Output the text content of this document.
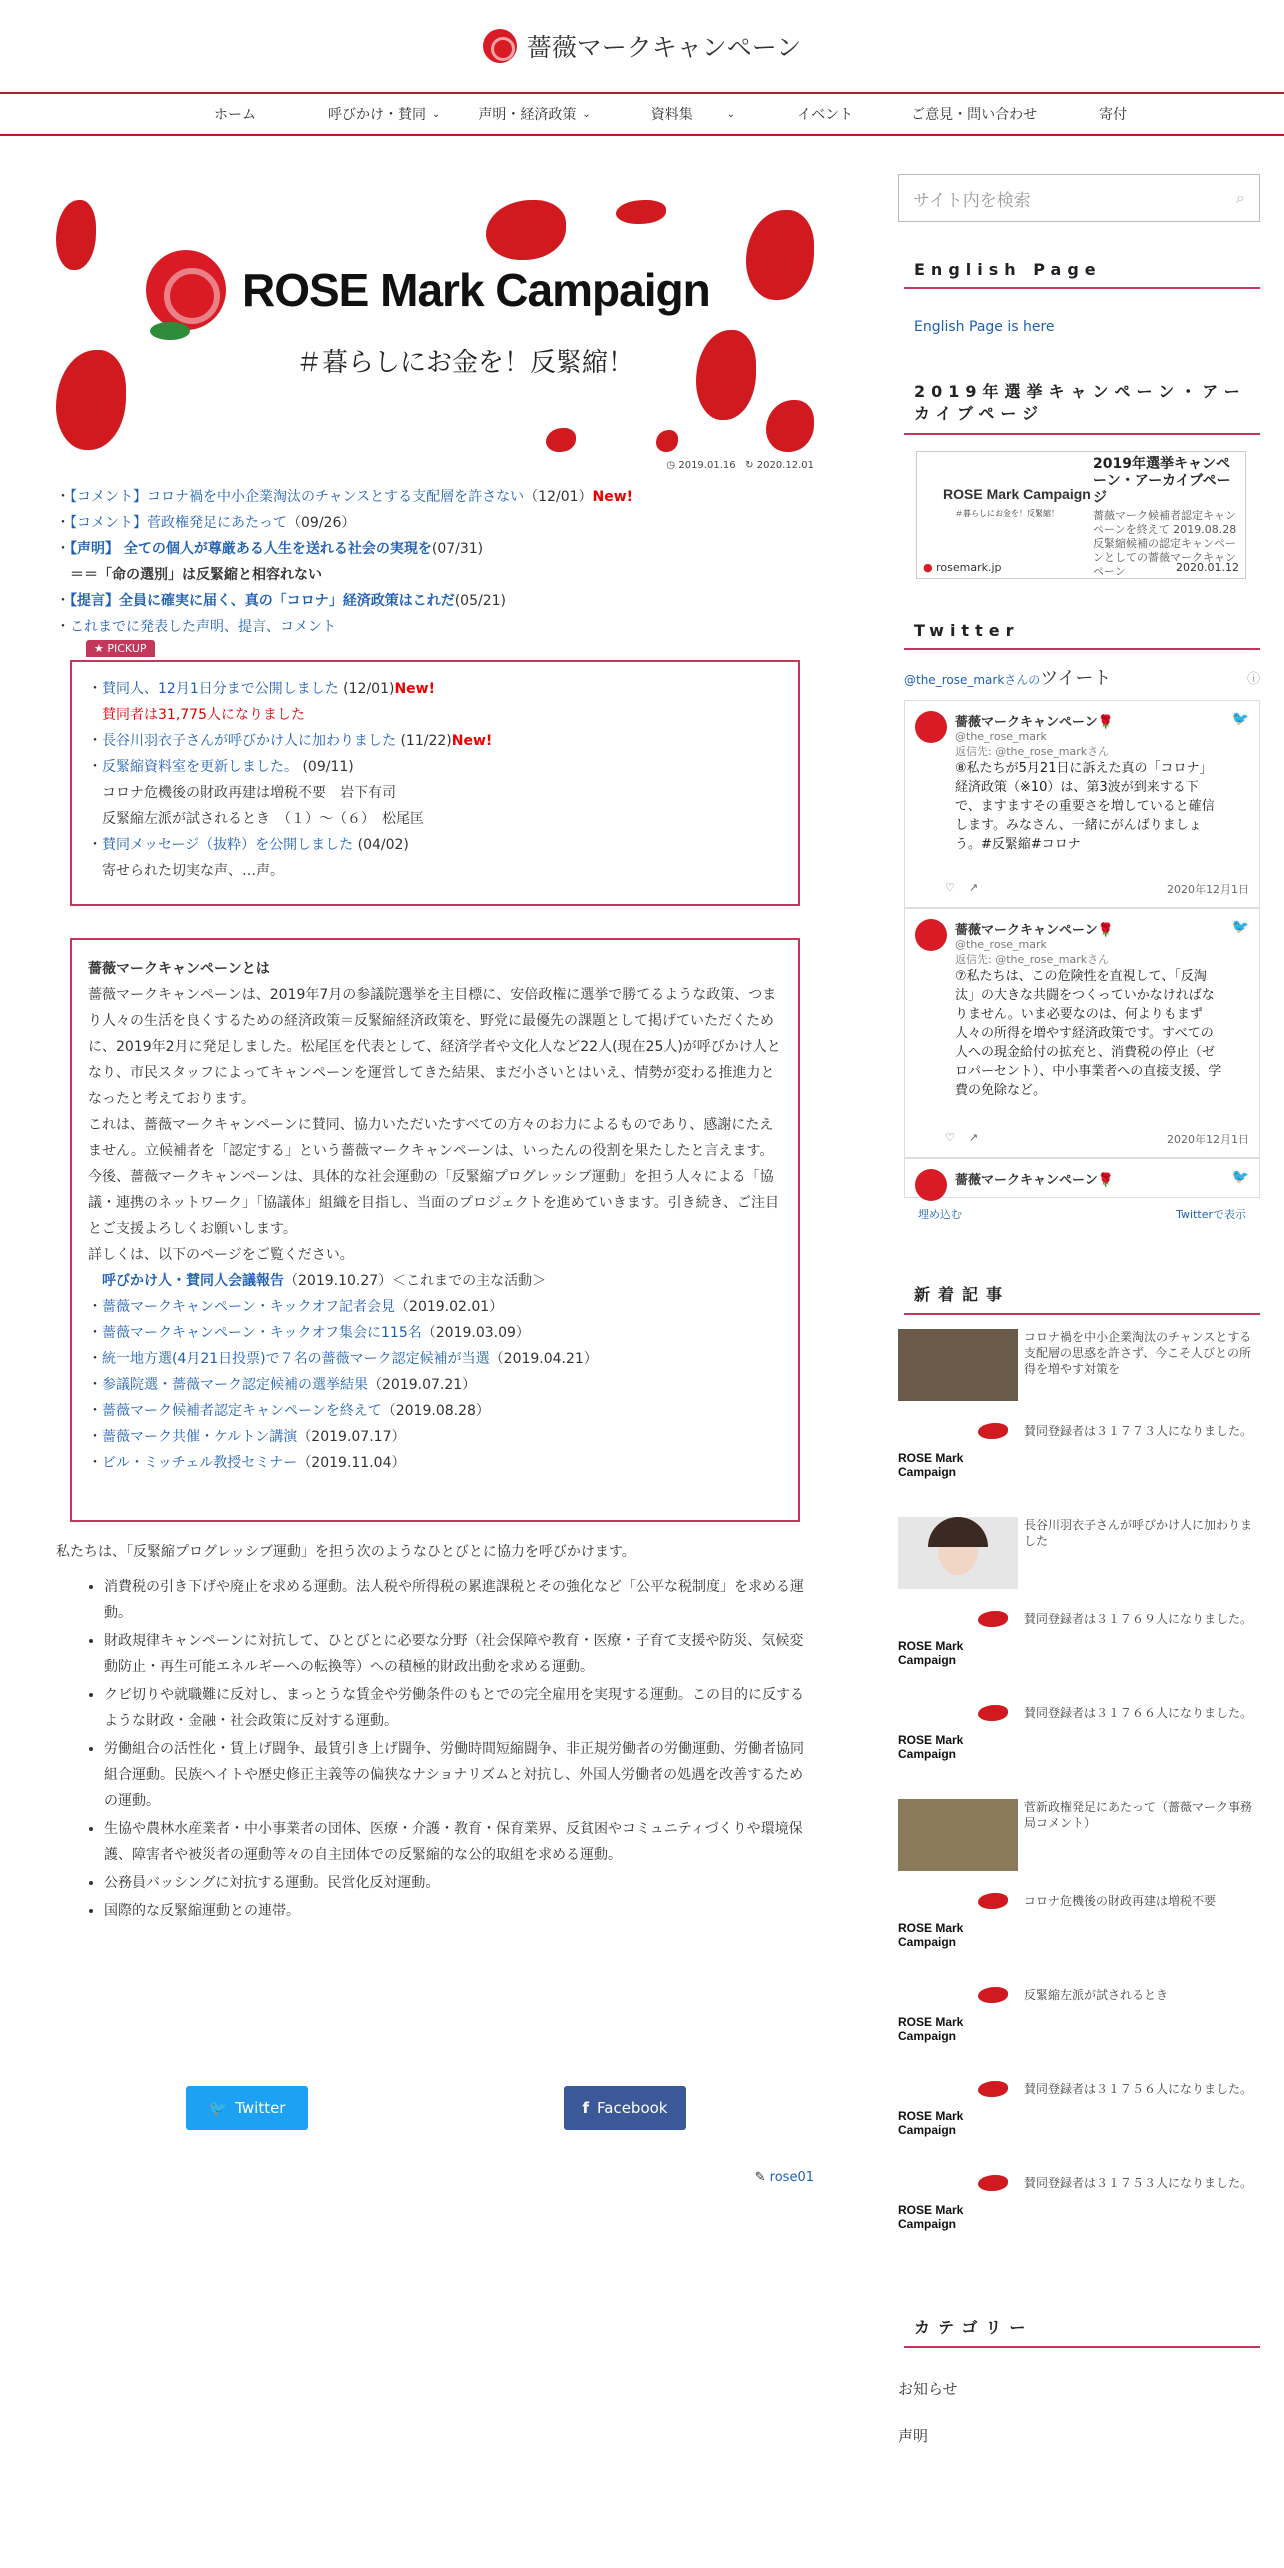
薔薇マークキャンペーン
ホーム	呼びかけ・賛同 ⌄	声明・経済政策 ⌄	資料集	⌄	イベント	ご意見・問い合わせ	寄付
ROSE Mark Campaign
＃暮らしにお金を！反緊縮！
◷ 2019.01.16 ↻ 2020.12.01
・【コメント】コロナ禍を中小企業淘汰のチャンスとする支配層を許さない（12/01）New!
・【コメント】菅政権発足にあたって（09/26）
・【声明】 全ての個人が尊厳ある人生を送れる社会の実現を(07/31)
＝＝「命の選別」は反緊縮と相容れない
・【提言】全員に確実に届く、真の「コロナ」経済政策はこれだ(05/21)
・これまでに発表した声明、提言、コメント
★ PICKUP

・賛同人、12月1日分まで公開しました (12/01)New!

賛同者は31,775人になりました

・長谷川羽衣子さんが呼びかけ人に加わりました (11/22)New!

・反緊縮資料室を更新しました。 (09/11)

コロナ危機後の財政再建は増税不要　岩下有司

反緊縮左派が試されるとき　（１）～（６）　松尾匡

・賛同メッセージ（抜粋）を公開しました (04/02)

寄せられた切実な声、…声。

薔薇マークキャンペーンとは

薔薇マークキャンペーンは、2019年7月の参議院選挙を主目標に、安倍政権に選挙で勝てるような政策、つまり人々の生活を良くするための経済政策＝反緊縮経済政策を、野党に最優先の課題として掲げていただくために、2019年2月に発足しました。松尾匡を代表として、経済学者や文化人など22人(現在25人)が呼びかけ人となり、市民スタッフによってキャンペーンを運営してきた結果、まだ小さいとはいえ、情勢が変わる推進力となったと考えております。

これは、薔薇マークキャンペーンに賛同、協力いただいたすべての方々のお力によるものであり、感謝にたえません。立候補者を「認定する」という薔薇マークキャンペーンは、いったんの役割を果たしたと言えます。

今後、薔薇マークキャンペーンは、具体的な社会運動の「反緊縮プログレッシブ運動」を担う人々による「協議・連携のネットワーク」「協議体」組織を目指し、当面のプロジェクトを進めていきます。引き続き、ご注目とご支援よろしくお願いします。

詳しくは、以下のページをご覧ください。

呼びかけ人・賛同人会議報告（2019.10.27）＜これまでの主な活動＞

・薔薇マークキャンペーン・キックオフ記者会見（2019.02.01）

・薔薇マークキャンペーン・キックオフ集会に115名（2019.03.09）

・統一地方選(4月21日投票)で７名の薔薇マーク認定候補が当選（2019.04.21）

・参議院選・薔薇マーク認定候補の選挙結果（2019.07.21）

・薔薇マーク候補者認定キャンペーンを終えて（2019.08.28）

・薔薇マーク共催・ケルトン講演（2019.07.17）

・ビル・ミッチェル教授セミナー（2019.11.04）

私たちは、「反緊縮プログレッシブ運動」を担う次のようなひとびとに協力を呼びかけます。

• 消費税の引き下げや廃止を求める運動。法人税や所得税の累進課税とその強化など「公平な税制度」を求める運動。
• 財政規律キャンペーンに対抗して、ひとびとに必要な分野（社会保障や教育・医療・子育て支援や防災、気候変動防止・再生可能エネルギーへの転換等）への積極的財政出動を求める運動。
• クビ切りや就職難に反対し、まっとうな賃金や労働条件のもとでの完全雇用を実現する運動。この目的に反するような財政・金融・社会政策に反対する運動。
• 労働組合の活性化・賃上げ闘争、最賃引き上げ闘争、労働時間短縮闘争、非正規労働者の労働運動、労働者協同組合運動。民族ヘイトや歴史修正主義等の偏狭なナショナリズムと対抗し、外国人労働者の処遇を改善するための運動。
• 生協や農林水産業者・中小事業者の団体、医療・介護・教育・保育業界、反貧困やコミュニティづくりや環境保護、障害者や被災者の運動等々の自主団体での反緊縮的な公的取組を求める運動。
• 公務員バッシングに対抗する運動。民営化反対運動。
• 国際的な反緊縮運動との連帯。
🐦 Twitter	f Facebook
✎ rose01
サイト内を検索	⌕
English Page
English Page is here
2019年選挙キャンペーン・アーカイブページ
ROSE Mark Campaign
＃暮らしにお金を！反緊縮！
2019年選挙キャンペーン・アーカイブページ
薔薇マーク候補者認定キャンペーンを終えて 2019.08.28 反緊縮候補の認定キャンペーンとしての薔薇マークキャンペーン
● rosemark.jp	2020.01.12
Twitter
@the_rose_markさんのツイート	ⓘ
薔薇マークキャンペーン🌹
@the_rose_mark
返信先: @the_rose_markさん
⑧私たちが5月21日に訴えた真の「コロナ」経済政策（※10）は、第3波が到来する下で、ますますその重要さを増していると確信します。みなさん、一緒にがんばりましょう。#反緊縮#コロナ
🐦
♡ ↗	2020年12月1日
薔薇マークキャンペーン🌹
@the_rose_mark
返信先: @the_rose_markさん
⑦私たちは、この危険性を直視して、「反淘汰」の大きな共闘をつくっていかなければなりません。いま必要なのは、何よりもまず人々の所得を増やす経済政策です。すべての人への現金給付の拡充と、消費税の停止（ゼロパーセント）、中小事業者への直接支援、学費の免除など。
🐦
♡ ↗	2020年12月1日
薔薇マークキャンペーン🌹	🐦
埋め込む	Twitterで表示
新着記事
コロナ禍を中小企業淘汰のチャンスとする支配層の思惑を許さず、今こそ人びとの所得を増やす対策を
ROSE Mark Campaign
賛同登録者は３１７７３人になりました。
長谷川羽衣子さんが呼びかけ人に加わりました
ROSE Mark Campaign
賛同登録者は３１７６９人になりました。
ROSE Mark Campaign
賛同登録者は３１７６６人になりました。
菅新政権発足にあたって（薔薇マーク事務局コメント）
ROSE Mark Campaign
コロナ危機後の財政再建は増税不要
ROSE Mark Campaign
反緊縮左派が試されるとき
ROSE Mark Campaign
賛同登録者は３１７５６人になりました。
ROSE Mark Campaign
賛同登録者は３１７５３人になりました。
カテゴリー
お知らせ
声明
